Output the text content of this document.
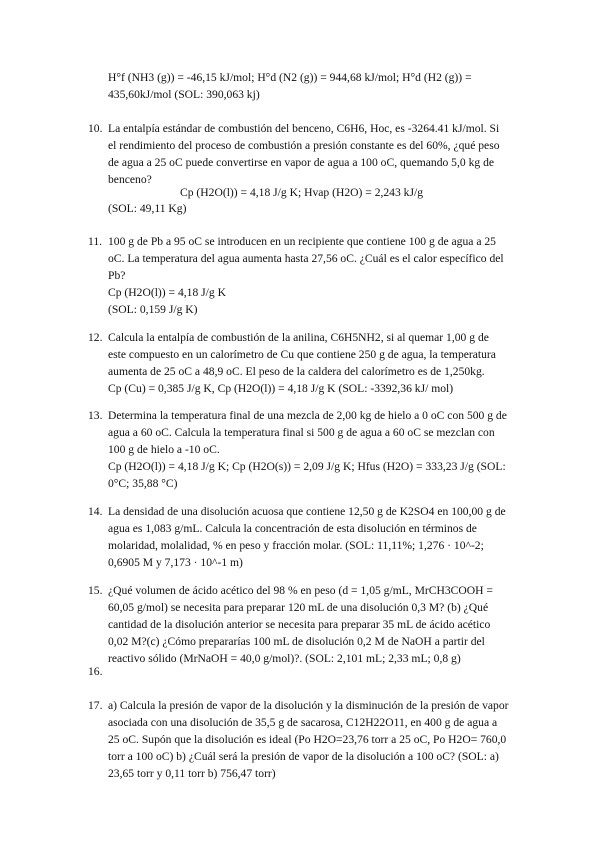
H°f (NH3 (g)) = -46,15 kJ/mol; H°d (N2 (g)) = 944,68 kJ/mol; H°d (H2 (g)) =
435,60kJ/mol (SOL: 390,063 kj)
10. La entalpía estándar de combustión del benceno, C6H6, Hoc, es -3264.41 kJ/mol. Si
el rendimiento del proceso de combustión a presión constante es del 60%, ¿qué peso
de agua a 25 oC puede convertirse en vapor de agua a 100 oC, quemando 5,0 kg de
benceno?
Cp (H2O(l)) = 4,18 J/g K; Hvap (H2O) = 2,243 kJ/g
(SOL: 49,11 Kg)
11. 100 g de Pb a 95 oC se introducen en un recipiente que contiene 100 g de agua a 25
oC. La temperatura del agua aumenta hasta 27,56 oC. ¿Cuál es el calor específico del
Pb?
Cp (H2O(l)) = 4,18 J/g K
(SOL: 0,159 J/g K)
12. Calcula la entalpía de combustión de la anilina, C6H5NH2, si al quemar 1,00 g de
este compuesto en un calorímetro de Cu que contiene 250 g de agua, la temperatura
aumenta de 25 oC a 48,9 oC. El peso de la caldera del calorímetro es de 1,250kg.
Cp (Cu) = 0,385 J/g K, Cp (H2O(l)) = 4,18 J/g K (SOL: -3392,36 kJ/ mol)
13. Determina la temperatura final de una mezcla de 2,00 kg de hielo a 0 oC con 500 g de
agua a 60 oC. Calcula la temperatura final si 500 g de agua a 60 oC se mezclan con
100 g de hielo a -10 oC.
Cp (H2O(l)) = 4,18 J/g K; Cp (H2O(s)) = 2,09 J/g K; Hfus (H2O) = 333,23 J/g (SOL:
0°C; 35,88 °C)
14. La densidad de una disolución acuosa que contiene 12,50 g de K2SO4 en 100,00 g de
agua es 1,083 g/mL. Calcula la concentración de esta disolución en términos de
molaridad, molalidad, % en peso y fracción molar. (SOL: 11,11%; 1,276 · 10^-2;
0,6905 M y 7,173 · 10^-1 m)
15. ¿Qué volumen de ácido acético del 98 % en peso (d = 1,05 g/mL, MrCH3COOH =
60,05 g/mol) se necesita para preparar 120 mL de una disolución 0,3 M? (b) ¿Qué
cantidad de la disolución anterior se necesita para preparar 35 mL de ácido acético
0,02 M?(c) ¿Cómo prepararías 100 mL de disolución 0,2 M de NaOH a partir del
reactivo sólido (MrNaOH = 40,0 g/mol)?. (SOL: 2,101 mL; 2,33 mL; 0,8 g)
16.
17. a) Calcula la presión de vapor de la disolución y la disminución de la presión de vapor
asociada con una disolución de 35,5 g de sacarosa, C12H22O11, en 400 g de agua a
25 oC. Supón que la disolución es ideal (Po H2O=23,76 torr a 25 oC, Po H2O= 760,0
torr a 100 oC) b) ¿Cuál será la presión de vapor de la disolución a 100 oC? (SOL: a)
23,65 torr y 0,11 torr b) 756,47 torr)
